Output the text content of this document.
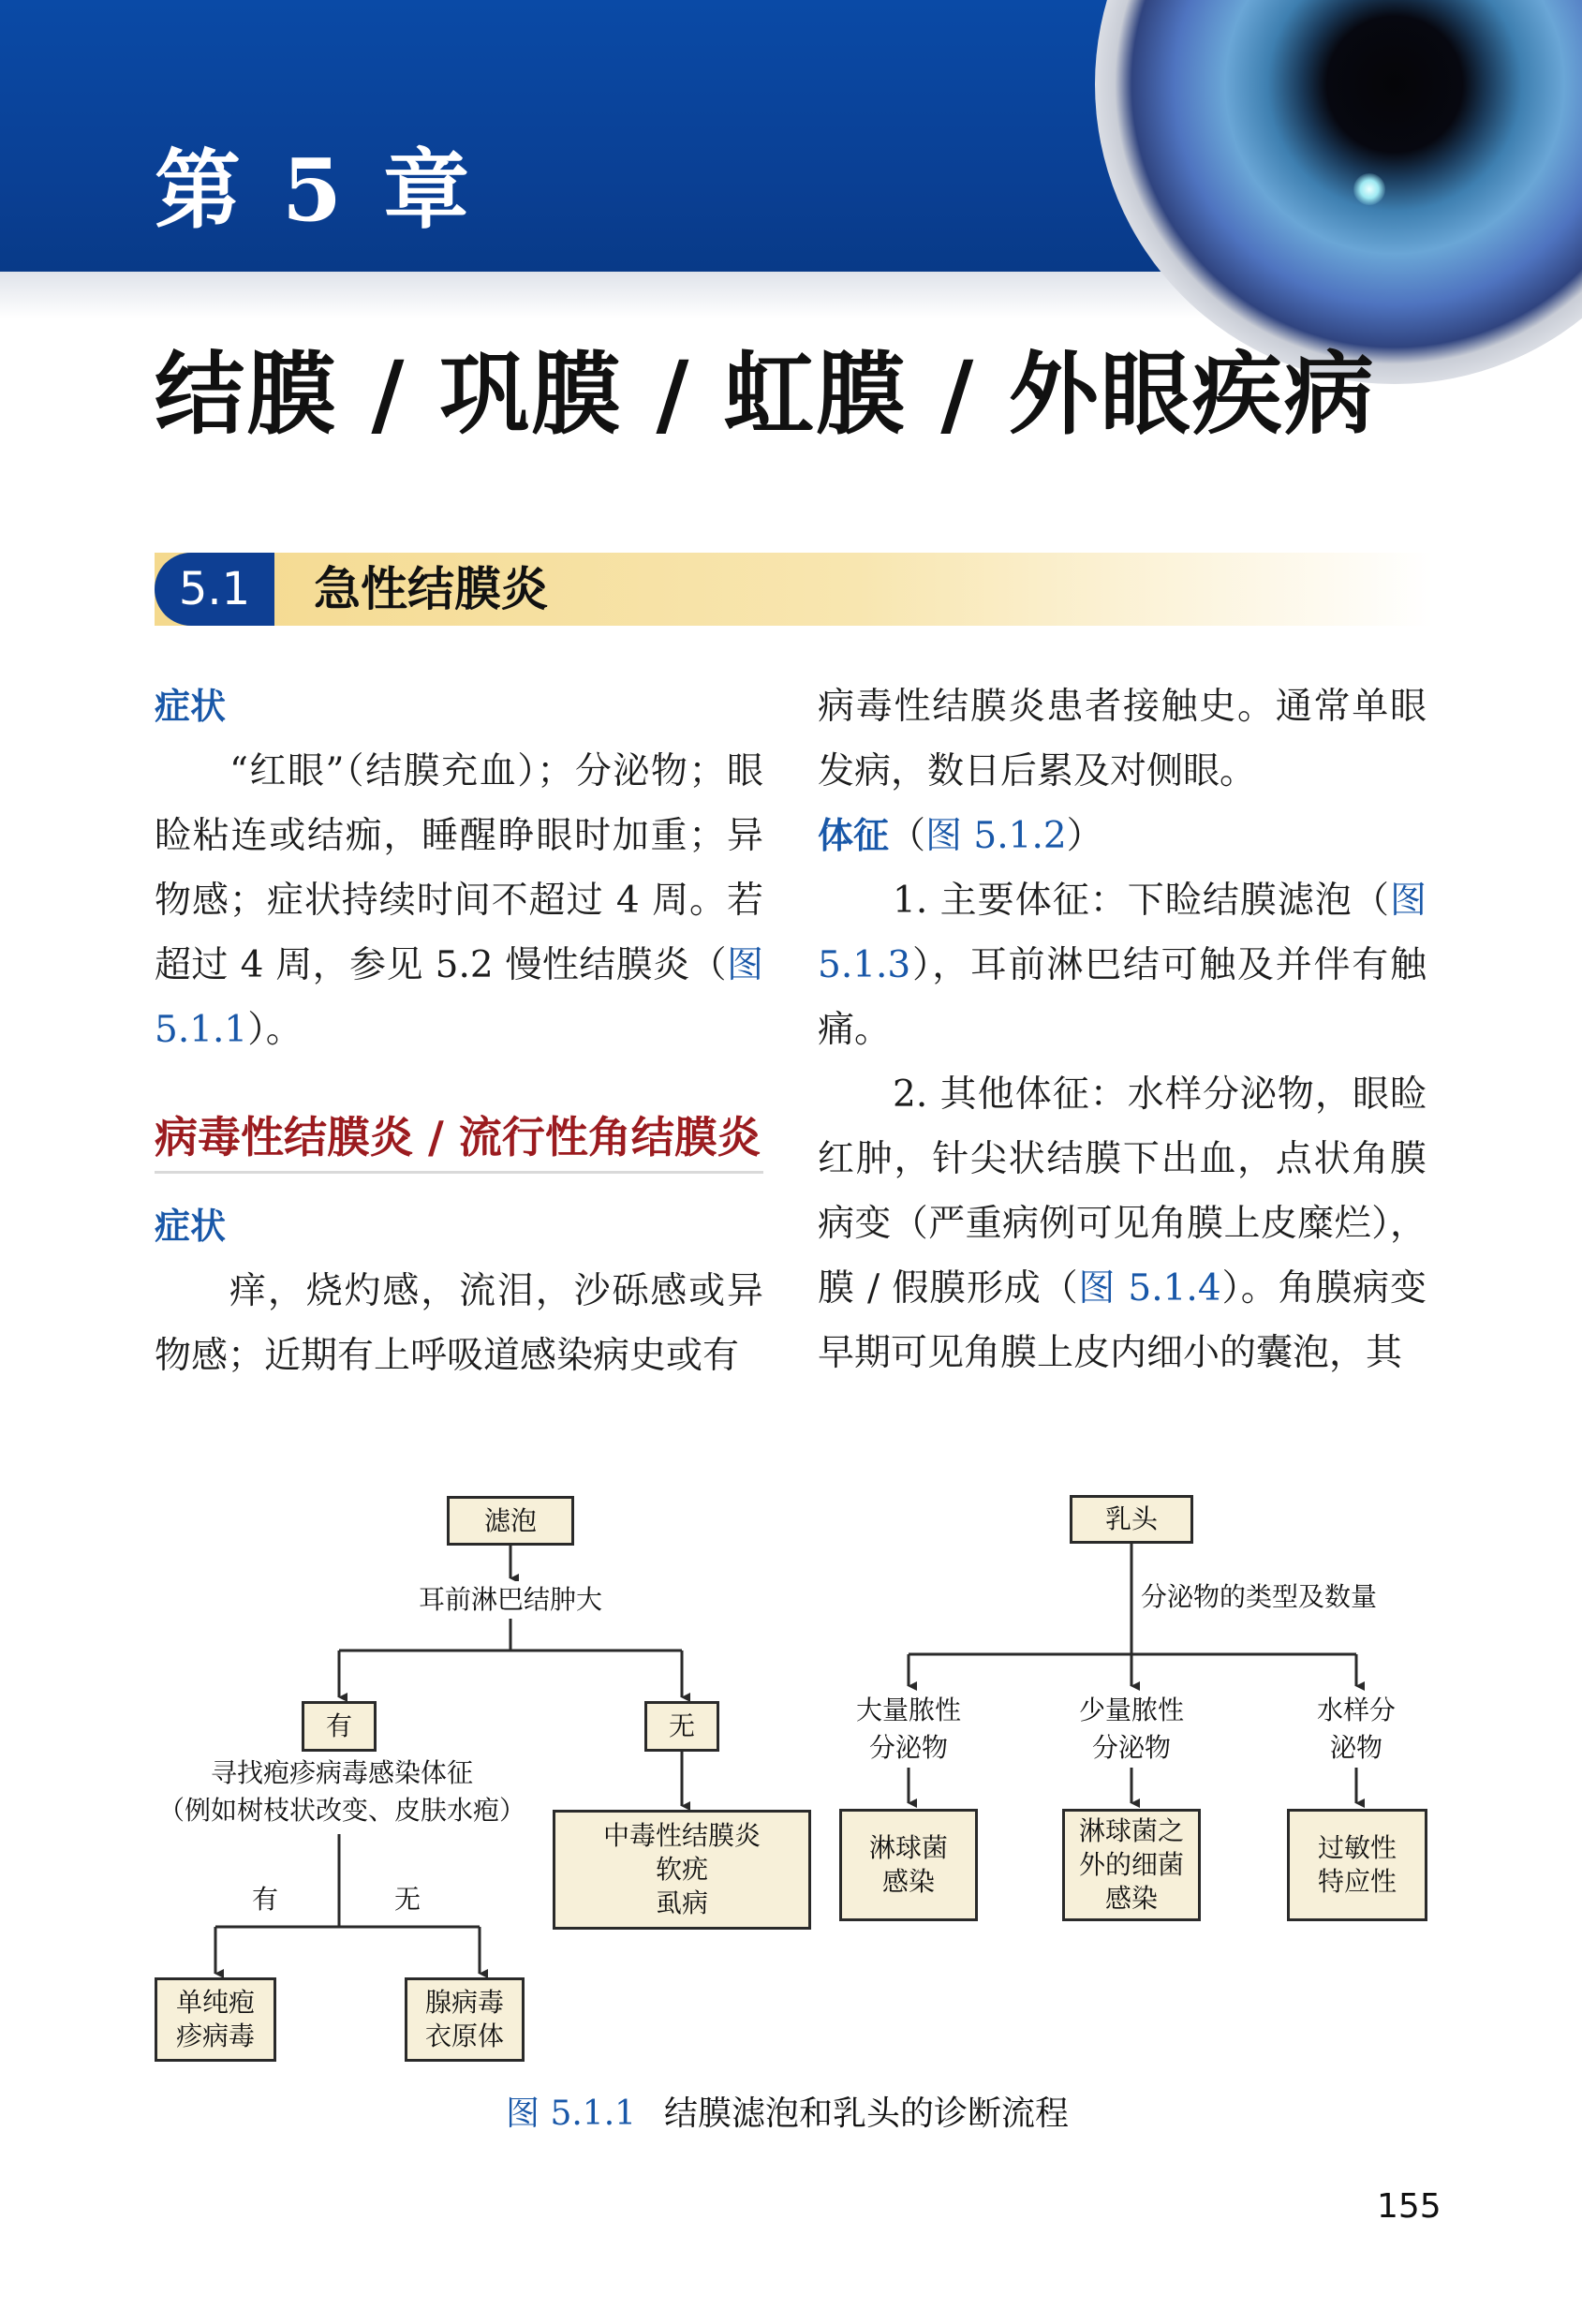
第 5 章
结膜 / 巩膜 / 虹膜 / 外眼疾病
5.1	急性结膜炎

症状

“红眼”（结膜充血）；分泌物；眼睑粘连或结痂，睡醒睁眼时加重；异物感；症状持续时间不超过 4 周。若超过 4 周，参见 5.2 慢性结膜炎（图 5.1.1）。

病毒性结膜炎 / 流行性角结膜炎

症状

痒，烧灼感，流泪，沙砾感或异物感；近期有上呼吸道感染病史或有

病毒性结膜炎患者接触史。通常单眼发病，数日后累及对侧眼。

体征（图 5.1.2）

1. 主要体征：下睑结膜滤泡（图 5.1.3），耳前淋巴结可触及并伴有触痛。

2. 其他体征：水样分泌物，眼睑红肿，针尖状结膜下出血，点状角膜病变（严重病例可见角膜上皮糜烂），膜 / 假膜形成（图 5.1.4）。角膜病变早期可见角膜上皮内细小的囊泡，其

滤泡
耳前淋巴结肿大
有	无
寻找疱疹病毒感染体征
（例如树枝状改变、皮肤水疱）
中毒性结膜炎
软疣
虱病
有	无
单纯疱
疹病毒
腺病毒
衣原体
乳头
分泌物的类型及数量
大量脓性
分泌物
少量脓性
分泌物
水样分
泌物
淋球菌
感染
淋球菌之
外的细菌
感染
过敏性
特应性
图 5.1.1 结膜滤泡和乳头的诊断流程
155
